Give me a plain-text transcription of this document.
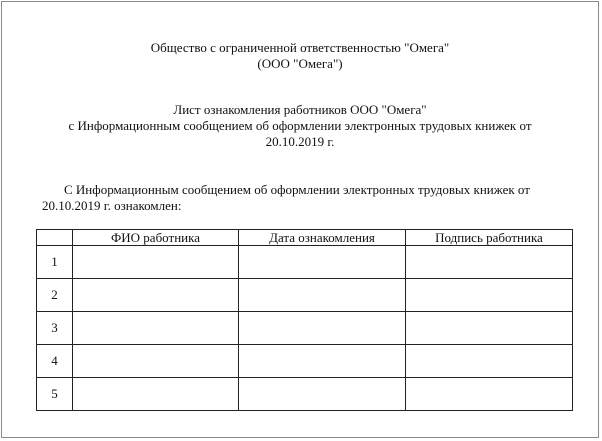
Общество с ограниченной ответственностью "Омега"
(ООО "Омега")
Лист ознакомления работников ООО "Омега"
с Информационным сообщением об оформлении электронных трудовых книжек от
20.10.2019 г.
С Информационным сообщением об оформлении электронных трудовых книжек от
20.10.2019 г. ознакомлен:
	ФИО работника	Дата ознакомления	Подпись работника
1			
2			
3			
4			
5			
